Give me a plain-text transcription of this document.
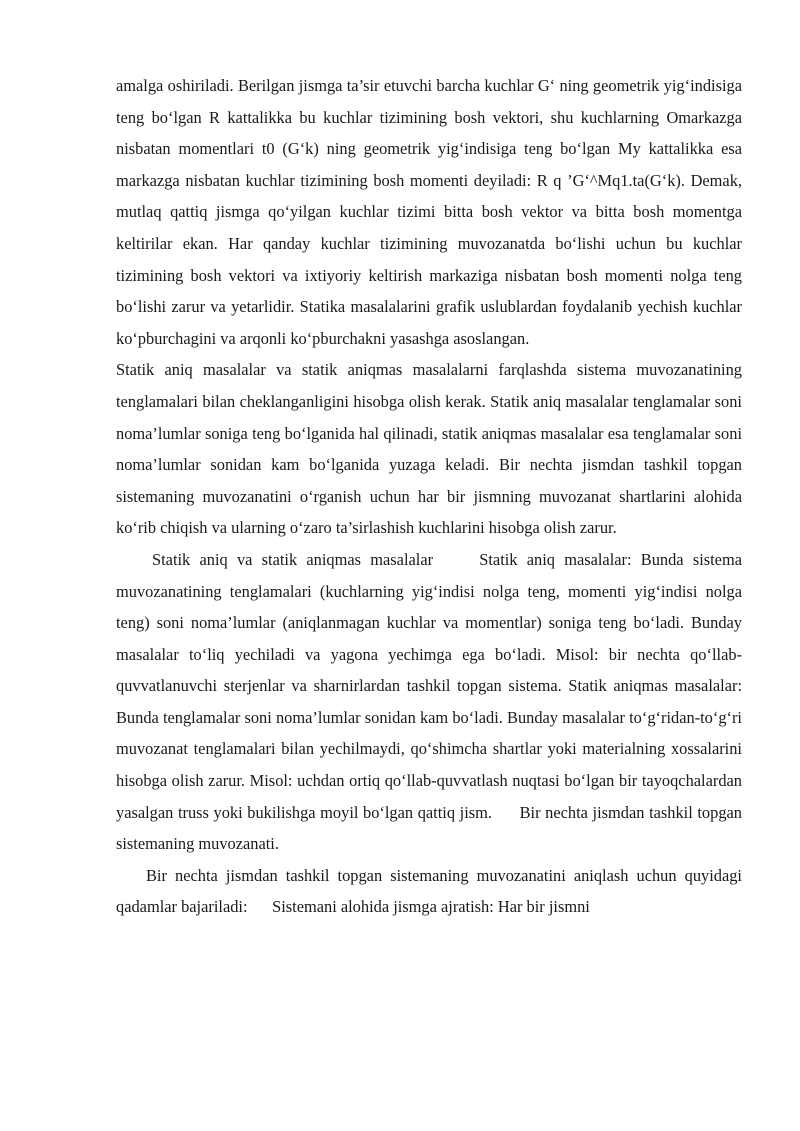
amalga oshiriladi. Berilgan jismga ta’sir etuvchi barcha kuchlar G‘ ning geometrik yig‘indisiga teng bo‘lgan R kattalikka bu kuchlar tizimining bosh vektori, shu kuchlarning Omarkazga nisbatan momentlari t0 (G‘k) ning geometrik yig‘indisiga teng bo‘lgan My kattalikka esa markazga nisbatan kuchlar tizimining bosh momenti deyiladi: R q ’G‘^Mq1.ta(G‘k). Demak, mutlaq qattiq jismga qo‘yilgan kuchlar tizimi bitta bosh vektor va bitta bosh momentga keltirilar ekan. Har qanday kuchlar tizimining muvozanatda bo‘lishi uchun bu kuchlar tizimining bosh vektori va ixtiyoriy keltirish markaziga nisbatan bosh momenti nolga teng bo‘lishi zarur va yetarlidir. Statika masalalarini grafik uslublardan foydalanib yechish kuchlar ko‘pburchagini va arqonli ko‘pburchakni yasashga asoslangan.

Statik aniq masalalar va statik aniqmas masalalarni farqlashda sistema muvozanatining tenglamalari bilan cheklanganligini hisobga olish kerak. Statik aniq masalalar tenglamalar soni noma’lumlar soniga teng bo‘lganida hal qilinadi, statik aniqmas masalalar esa tenglamalar soni noma’lumlar sonidan kam bo‘lganida yuzaga keladi. Bir nechta jismdan tashkil topgan sistemaning muvozanatini o‘rganish uchun har bir jismning muvozanat shartlarini alohida ko‘rib chiqish va ularning o‘zaro ta’sirlashish kuchlarini hisobga olish zarur.

Statik aniq va statik aniqmas masalalar     Statik aniq masalalar: Bunda sistema muvozanatining tenglamalari (kuchlarning yig‘indisi nolga teng, momenti yig‘indisi nolga teng) soni noma’lumlar (aniqlanmagan kuchlar va momentlar) soniga teng bo‘ladi. Bunday masalalar to‘liq yechiladi va yagona yechimga ega bo‘ladi. Misol: bir nechta qo‘llab-quvvatlanuvchi sterjenlar va sharnirlardan tashkil topgan sistema. Statik aniqmas masalalar: Bunda tenglamalar soni noma’lumlar sonidan kam bo‘ladi. Bunday masalalar to‘g‘ridan-to‘g‘ri muvozanat tenglamalari bilan yechilmaydi, qo‘shimcha shartlar yoki materialning xossalarini hisobga olish zarur. Misol: uchdan ortiq qo‘llab-quvvatlash nuqtasi bo‘lgan bir tayoqchalardan yasalgan truss yoki bukilishga moyil bo‘lgan qattiq jism.      Bir nechta jismdan tashkil topgan sistemaning muvozanati.

Bir nechta jismdan tashkil topgan sistemaning muvozanatini aniqlash uchun quyidagi qadamlar bajariladi:      Sistemani alohida jismga ajratish: Har bir jismni
